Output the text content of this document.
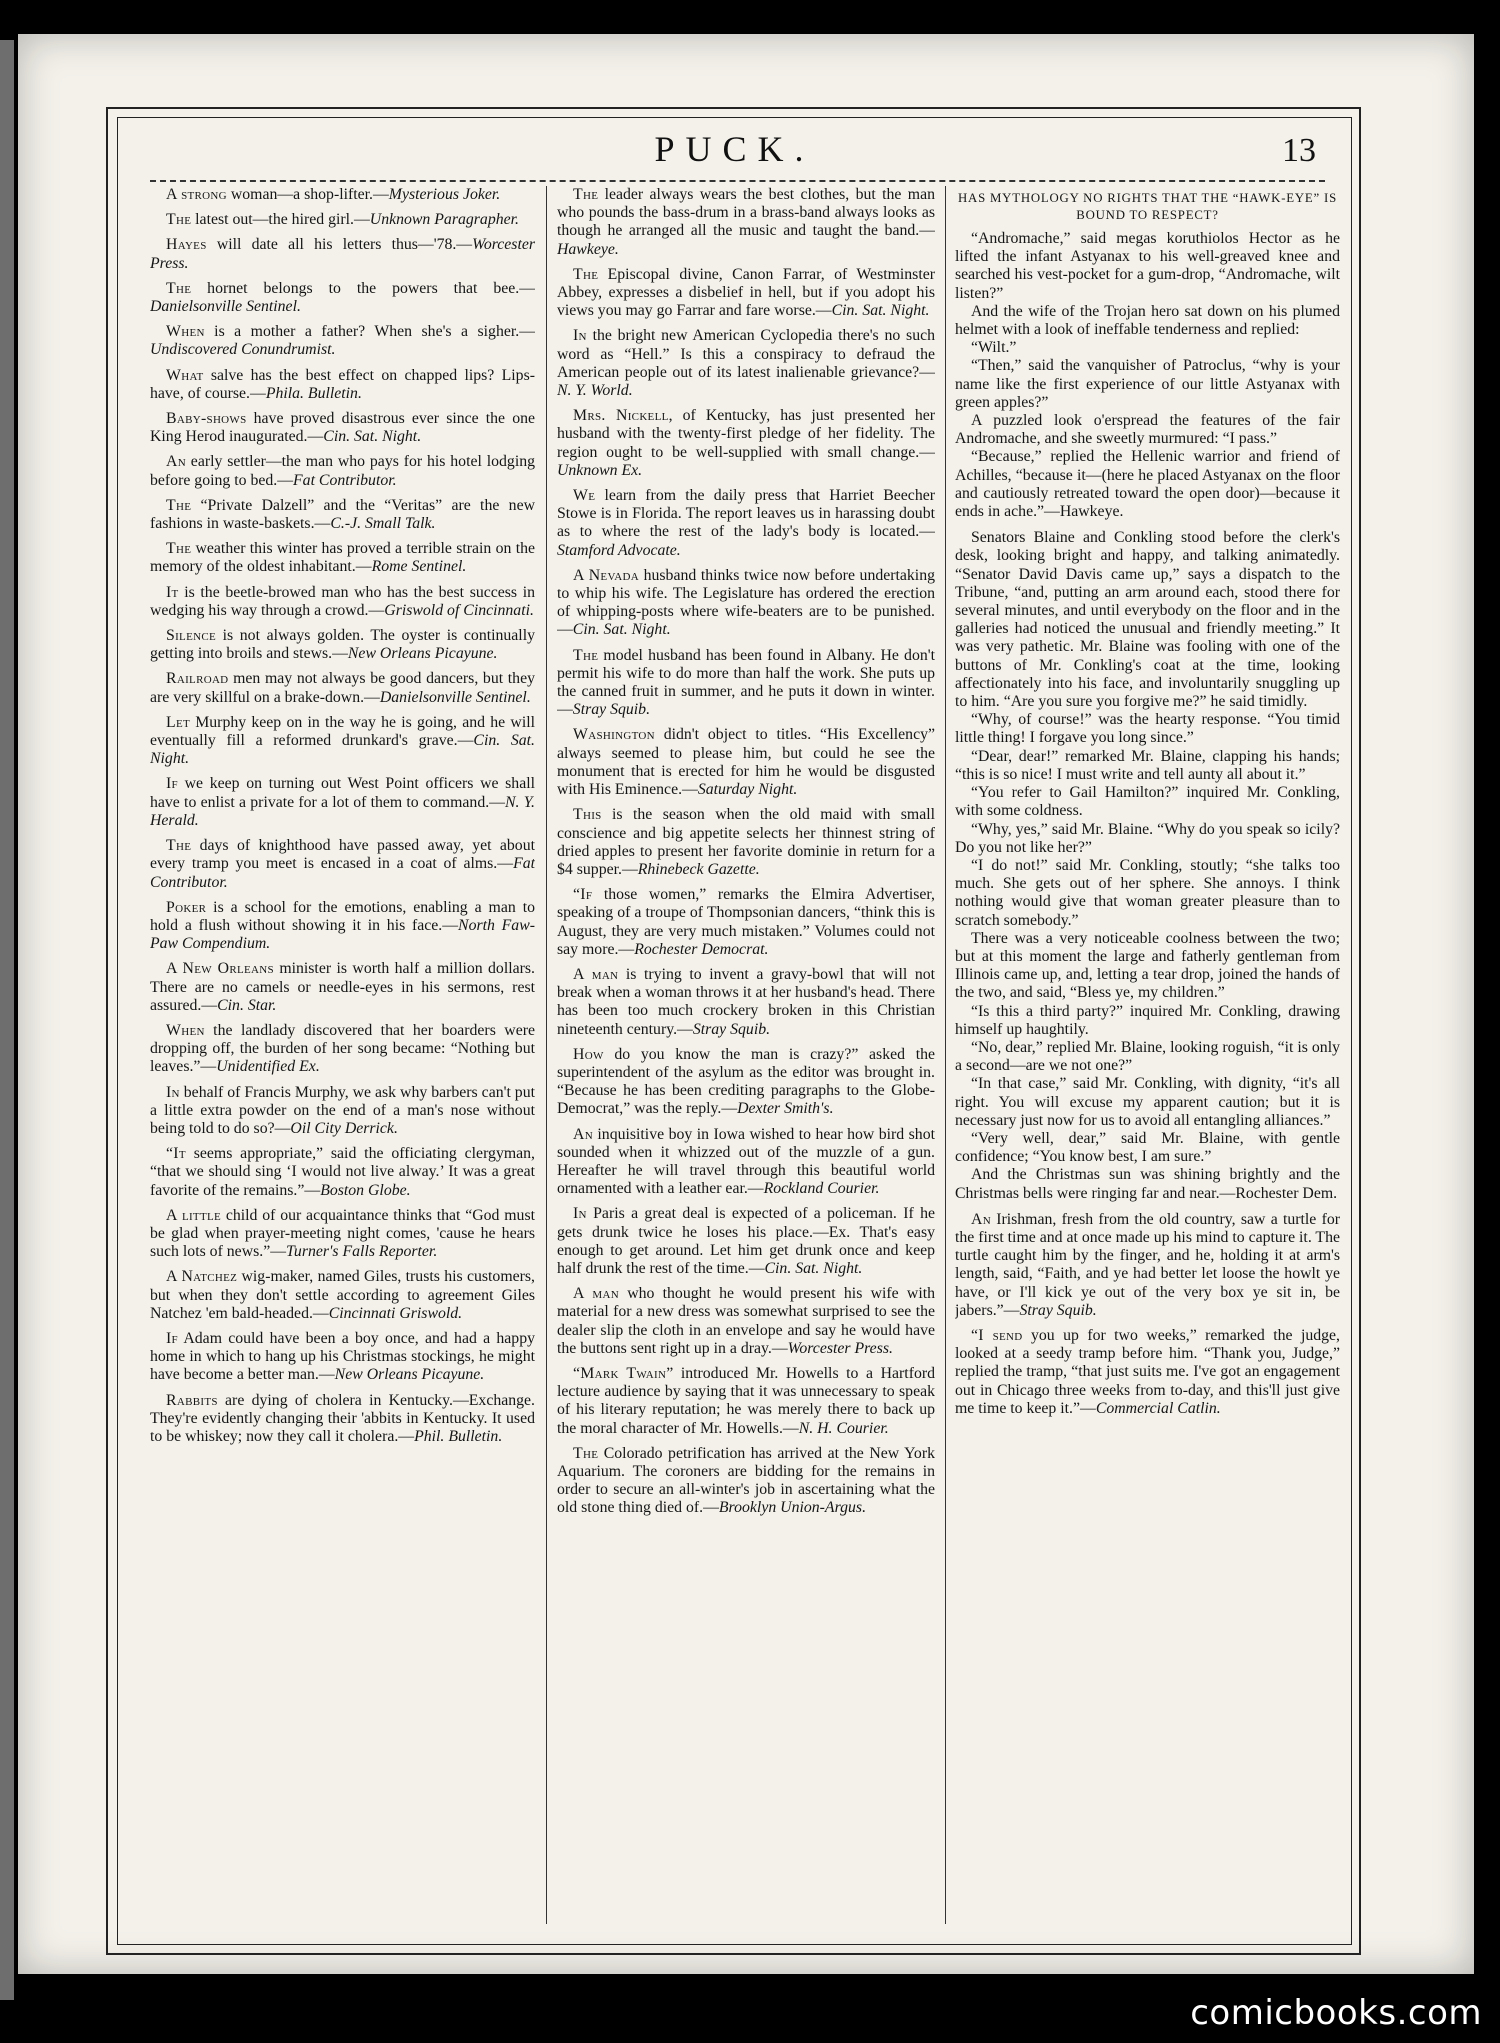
PUCK.	13

A strong woman—a shop-lifter.—Mysterious Joker.

The latest out—the hired girl.—Unknown Paragrapher.

Hayes will date all his letters thus—'78.—Worcester Press.

The hornet belongs to the powers that bee.—Danielsonville Sentinel.

When is a mother a father? When she's a sigher.—Undiscovered Conundrumist.

What salve has the best effect on chapped lips? Lips-have, of course.—Phila. Bulletin.

Baby-shows have proved disastrous ever since the one King Herod inaugurated.—Cin. Sat. Night.

An early settler—the man who pays for his hotel lodging before going to bed.—Fat Contributor.

The “Private Dalzell” and the “Veritas” are the new fashions in waste-baskets.—C.-J. Small Talk.

The weather this winter has proved a terrible strain on the memory of the oldest inhabitant.—Rome Sentinel.

It is the beetle-browed man who has the best success in wedging his way through a crowd.—Griswold of Cincinnati.

Silence is not always golden. The oyster is continually getting into broils and stews.—New Orleans Picayune.

Railroad men may not always be good dancers, but they are very skillful on a brake-down.—Danielsonville Sentinel.

Let Murphy keep on in the way he is going, and he will eventually fill a reformed drunkard's grave.—Cin. Sat. Night.

If we keep on turning out West Point officers we shall have to enlist a private for a lot of them to command.—N. Y. Herald.

The days of knighthood have passed away, yet about every tramp you meet is encased in a coat of alms.—Fat Contributor.

Poker is a school for the emotions, enabling a man to hold a flush without showing it in his face.—North Faw-Paw Compendium.

A New Orleans minister is worth half a million dollars. There are no camels or needle-eyes in his sermons, rest assured.—Cin. Star.

When the landlady discovered that her boarders were dropping off, the burden of her song became: “Nothing but leaves.”—Unidentified Ex.

In behalf of Francis Murphy, we ask why barbers can't put a little extra powder on the end of a man's nose without being told to do so?—Oil City Derrick.

“It seems appropriate,” said the officiating clergyman, “that we should sing ‘I would not live alway.’ It was a great favorite of the remains.”—Boston Globe.

A little child of our acquaintance thinks that “God must be glad when prayer-meeting night comes, 'cause he hears such lots of news.”—Turner's Falls Reporter.

A Natchez wig-maker, named Giles, trusts his customers, but when they don't settle according to agreement Giles Natchez 'em bald-headed.—Cincinnati Griswold.

If Adam could have been a boy once, and had a happy home in which to hang up his Christmas stockings, he might have become a better man.—New Orleans Picayune.

Rabbits are dying of cholera in Kentucky.—Exchange. They're evidently changing their 'abbits in Kentucky. It used to be whiskey; now they call it cholera.—Phil. Bulletin.

The leader always wears the best clothes, but the man who pounds the bass-drum in a brass-band always looks as though he arranged all the music and taught the band.—Hawkeye.

The Episcopal divine, Canon Farrar, of Westminster Abbey, expresses a disbelief in hell, but if you adopt his views you may go Farrar and fare worse.—Cin. Sat. Night.

In the bright new American Cyclopedia there's no such word as “Hell.” Is this a conspiracy to defraud the American people out of its latest inalienable grievance?—N. Y. World.

Mrs. Nickell, of Kentucky, has just presented her husband with the twenty-first pledge of her fidelity. The region ought to be well-supplied with small change.—Unknown Ex.

We learn from the daily press that Harriet Beecher Stowe is in Florida. The report leaves us in harassing doubt as to where the rest of the lady's body is located.—Stamford Advocate.

A Nevada husband thinks twice now before undertaking to whip his wife. The Legislature has ordered the erection of whipping-posts where wife-beaters are to be punished.—Cin. Sat. Night.

The model husband has been found in Albany. He don't permit his wife to do more than half the work. She puts up the canned fruit in summer, and he puts it down in winter.—Stray Squib.

Washington didn't object to titles. “His Excellency” always seemed to please him, but could he see the monument that is erected for him he would be disgusted with His Eminence.—Saturday Night.

This is the season when the old maid with small conscience and big appetite selects her thinnest string of dried apples to present her favorite dominie in return for a $4 supper.—Rhinebeck Gazette.

“If those women,” remarks the Elmira Advertiser, speaking of a troupe of Thompsonian dancers, “think this is August, they are very much mistaken.” Volumes could not say more.—Rochester Democrat.

A man is trying to invent a gravy-bowl that will not break when a woman throws it at her husband's head. There has been too much crockery broken in this Christian nineteenth century.—Stray Squib.

How do you know the man is crazy?” asked the superintendent of the asylum as the editor was brought in. “Because he has been crediting paragraphs to the Globe-Democrat,” was the reply.—Dexter Smith's.

An inquisitive boy in Iowa wished to hear how bird shot sounded when it whizzed out of the muzzle of a gun. Hereafter he will travel through this beautiful world ornamented with a leather ear.—Rockland Courier.

In Paris a great deal is expected of a policeman. If he gets drunk twice he loses his place.—Ex. That's easy enough to get around. Let him get drunk once and keep half drunk the rest of the time.—Cin. Sat. Night.

A man who thought he would present his wife with material for a new dress was somewhat surprised to see the dealer slip the cloth in an envelope and say he would have the buttons sent right up in a dray.—Worcester Press.

“Mark Twain” introduced Mr. Howells to a Hartford lecture audience by saying that it was unnecessary to speak of his literary reputation; he was merely there to back up the moral character of Mr. Howells.—N. H. Courier.

The Colorado petrification has arrived at the New York Aquarium. The coroners are bidding for the remains in order to secure an all-winter's job in ascertaining what the old stone thing died of.—Brooklyn Union-Argus.

HAS MYTHOLOGY NO RIGHTS THAT THE “HAWK-EYE” IS BOUND TO RESPECT?

“Andromache,” said megas koruthiolos Hector as he lifted the infant Astyanax to his well-greaved knee and searched his vest-pocket for a gum-drop, “Andromache, wilt listen?”

And the wife of the Trojan hero sat down on his plumed helmet with a look of ineffable tenderness and replied:

“Wilt.”

“Then,” said the vanquisher of Patroclus, “why is your name like the first experience of our little Astyanax with green apples?”

A puzzled look o'erspread the features of the fair Andromache, and she sweetly murmured: “I pass.”

“Because,” replied the Hellenic warrior and friend of Achilles, “because it—(here he placed Astyanax on the floor and cautiously retreated toward the open door)—because it ends in ache.”—Hawkeye.

Senators Blaine and Conkling stood before the clerk's desk, looking bright and happy, and talking animatedly. “Senator David Davis came up,” says a dispatch to the Tribune, “and, putting an arm around each, stood there for several minutes, and until everybody on the floor and in the galleries had noticed the unusual and friendly meeting.” It was very pathetic. Mr. Blaine was fooling with one of the buttons of Mr. Conkling's coat at the time, looking affectionately into his face, and involuntarily snuggling up to him. “Are you sure you forgive me?” he said timidly.

“Why, of course!” was the hearty response. “You timid little thing! I forgave you long since.”

“Dear, dear!” remarked Mr. Blaine, clapping his hands; “this is so nice! I must write and tell aunty all about it.”

“You refer to Gail Hamilton?” inquired Mr. Conkling, with some coldness.

“Why, yes,” said Mr. Blaine. “Why do you speak so icily? Do you not like her?”

“I do not!” said Mr. Conkling, stoutly; “she talks too much. She gets out of her sphere. She annoys. I think nothing would give that woman greater pleasure than to scratch somebody.”

There was a very noticeable coolness between the two; but at this moment the large and fatherly gentleman from Illinois came up, and, letting a tear drop, joined the hands of the two, and said, “Bless ye, my children.”

“Is this a third party?” inquired Mr. Conkling, drawing himself up haughtily.

“No, dear,” replied Mr. Blaine, looking roguish, “it is only a second—are we not one?”

“In that case,” said Mr. Conkling, with dignity, “it's all right. You will excuse my apparent caution; but it is necessary just now for us to avoid all entangling alliances.”

“Very well, dear,” said Mr. Blaine, with gentle confidence; “You know best, I am sure.”

And the Christmas sun was shining brightly and the Christmas bells were ringing far and near.—Rochester Dem.

An Irishman, fresh from the old country, saw a turtle for the first time and at once made up his mind to capture it. The turtle caught him by the finger, and he, holding it at arm's length, said, “Faith, and ye had better let loose the howlt ye have, or I'll kick ye out of the very box ye sit in, be jabers.”—Stray Squib.

“I send you up for two weeks,” remarked the judge, looked at a seedy tramp before him. “Thank you, Judge,” replied the tramp, “that just suits me. I've got an engagement out in Chicago three weeks from to-day, and this'll just give me time to keep it.”—Commercial Catlin.

comicbooks.com
